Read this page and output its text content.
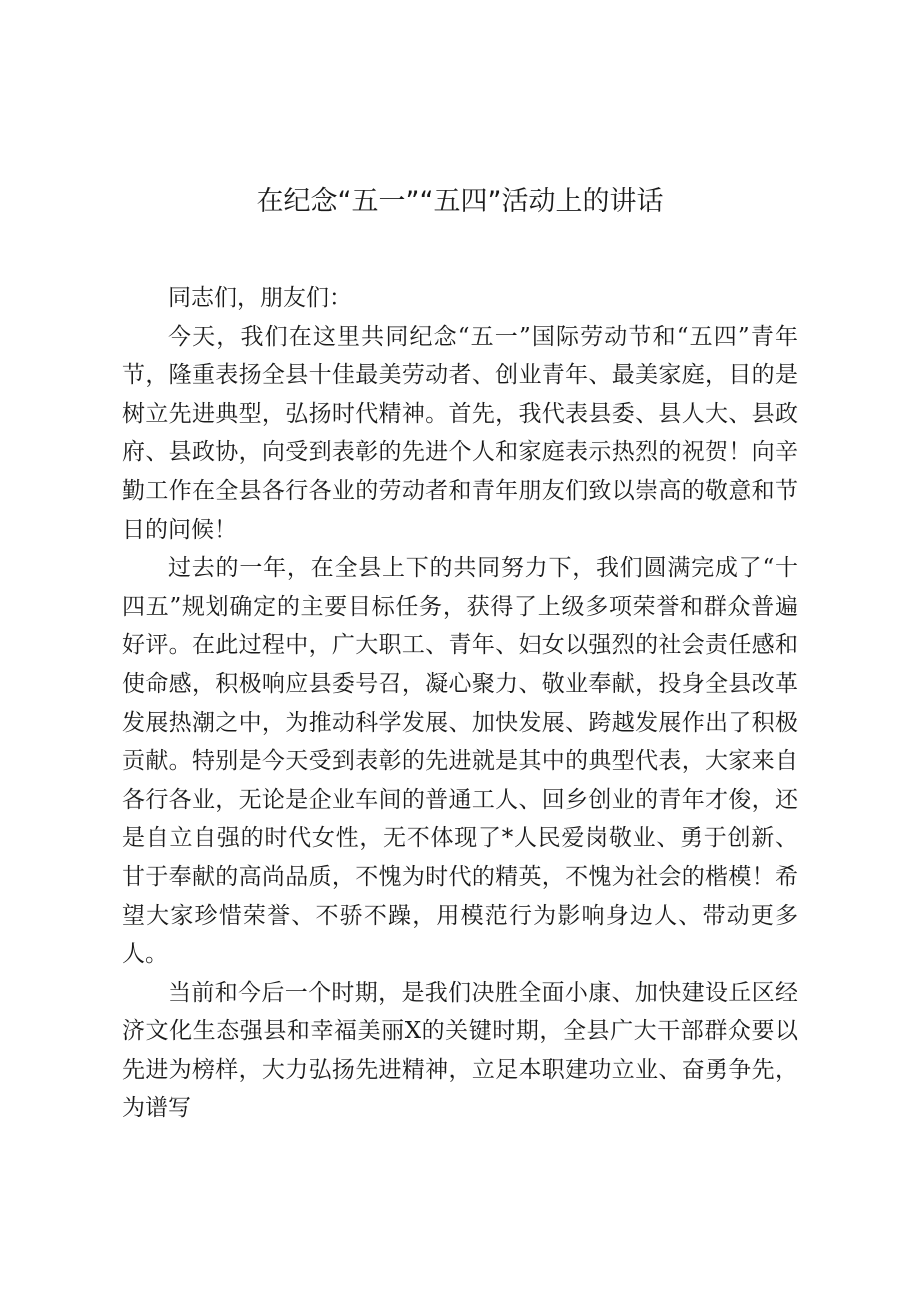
在纪念“五一”“五四”活动上的讲话

同志们，朋友们：

今天，我们在这里共同纪念“五一”国际劳动节和“五四”青年节，隆重表扬全县十佳最美劳动者、创业青年、最美家庭，目的是树立先进典型，弘扬时代精神。首先，我代表县委、县人大、县政府、县政协，向受到表彰的先进个人和家庭表示热烈的祝贺！向辛勤工作在全县各行各业的劳动者和青年朋友们致以崇高的敬意和节日的问候！

过去的一年，在全县上下的共同努力下，我们圆满完成了“十四五”规划确定的主要目标任务，获得了上级多项荣誉和群众普遍好评。在此过程中，广大职工、青年、妇女以强烈的社会责任感和使命感，积极响应县委号召，凝心聚力、敬业奉献，投身全县改革发展热潮之中，为推动科学发展、加快发展、跨越发展作出了积极贡献。特别是今天受到表彰的先进就是其中的典型代表，大家来自各行各业，无论是企业车间的普通工人、回乡创业的青年才俊，还是自立自强的时代女性，无不体现了*人民爱岗敬业、勇于创新、甘于奉献的高尚品质，不愧为时代的精英，不愧为社会的楷模！希望大家珍惜荣誉、不骄不躁，用模范行为影响身边人、带动更多人。

当前和今后一个时期，是我们决胜全面小康、加快建设丘区经济文化生态强县和幸福美丽X的关键时期，全县广大干部群众要以先进为榜样，大力弘扬先进精神，立足本职建功立业、奋勇争先，为谱写
